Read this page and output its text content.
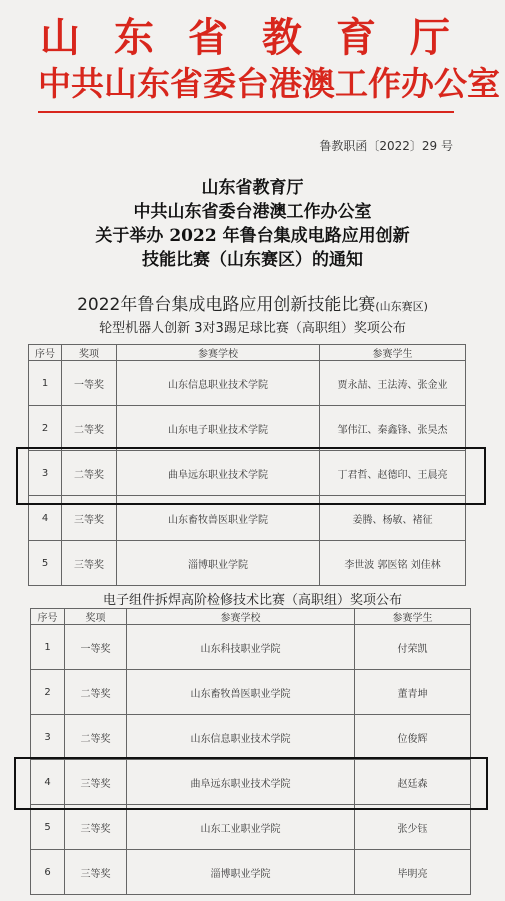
山 东 省 教 育 厅
中共山东省委台港澳工作办公室
鲁教职函〔2022〕29 号
山东省教育厅
中共山东省委台港澳工作办公室
关于举办 2022 年鲁台集成电路应用创新
技能比赛（山东赛区）的通知
2022年鲁台集成电路应用创新技能比赛(山东赛区)
轮型机器人创新 3对3踢足球比赛（高职组）奖项公布
序号	奖项	参赛学校	参赛学生
1	一等奖	山东信息职业技术学院	贾永喆、王法涛、张金业
2	二等奖	山东电子职业技术学院	邹伟江、秦鑫锋、张昊杰
3	二等奖	曲阜远东职业技术学院	丁君哲、赵德印、王晨亮
4	三等奖	山东畜牧兽医职业学院	姜腾、杨敏、褚征
5	三等奖	淄博职业学院	李世波 郭医铭 刘佳林
电子组件拆焊高阶检修技术比赛（高职组）奖项公布
序号	奖项	参赛学校	参赛学生
1	一等奖	山东科技职业学院	付荣凯
2	二等奖	山东畜牧兽医职业学院	董青坤
3	二等奖	山东信息职业技术学院	位俊辉
4	三等奖	曲阜远东职业技术学院	赵廷森
5	三等奖	山东工业职业学院	张少钰
6	三等奖	淄博职业学院	毕明亮
